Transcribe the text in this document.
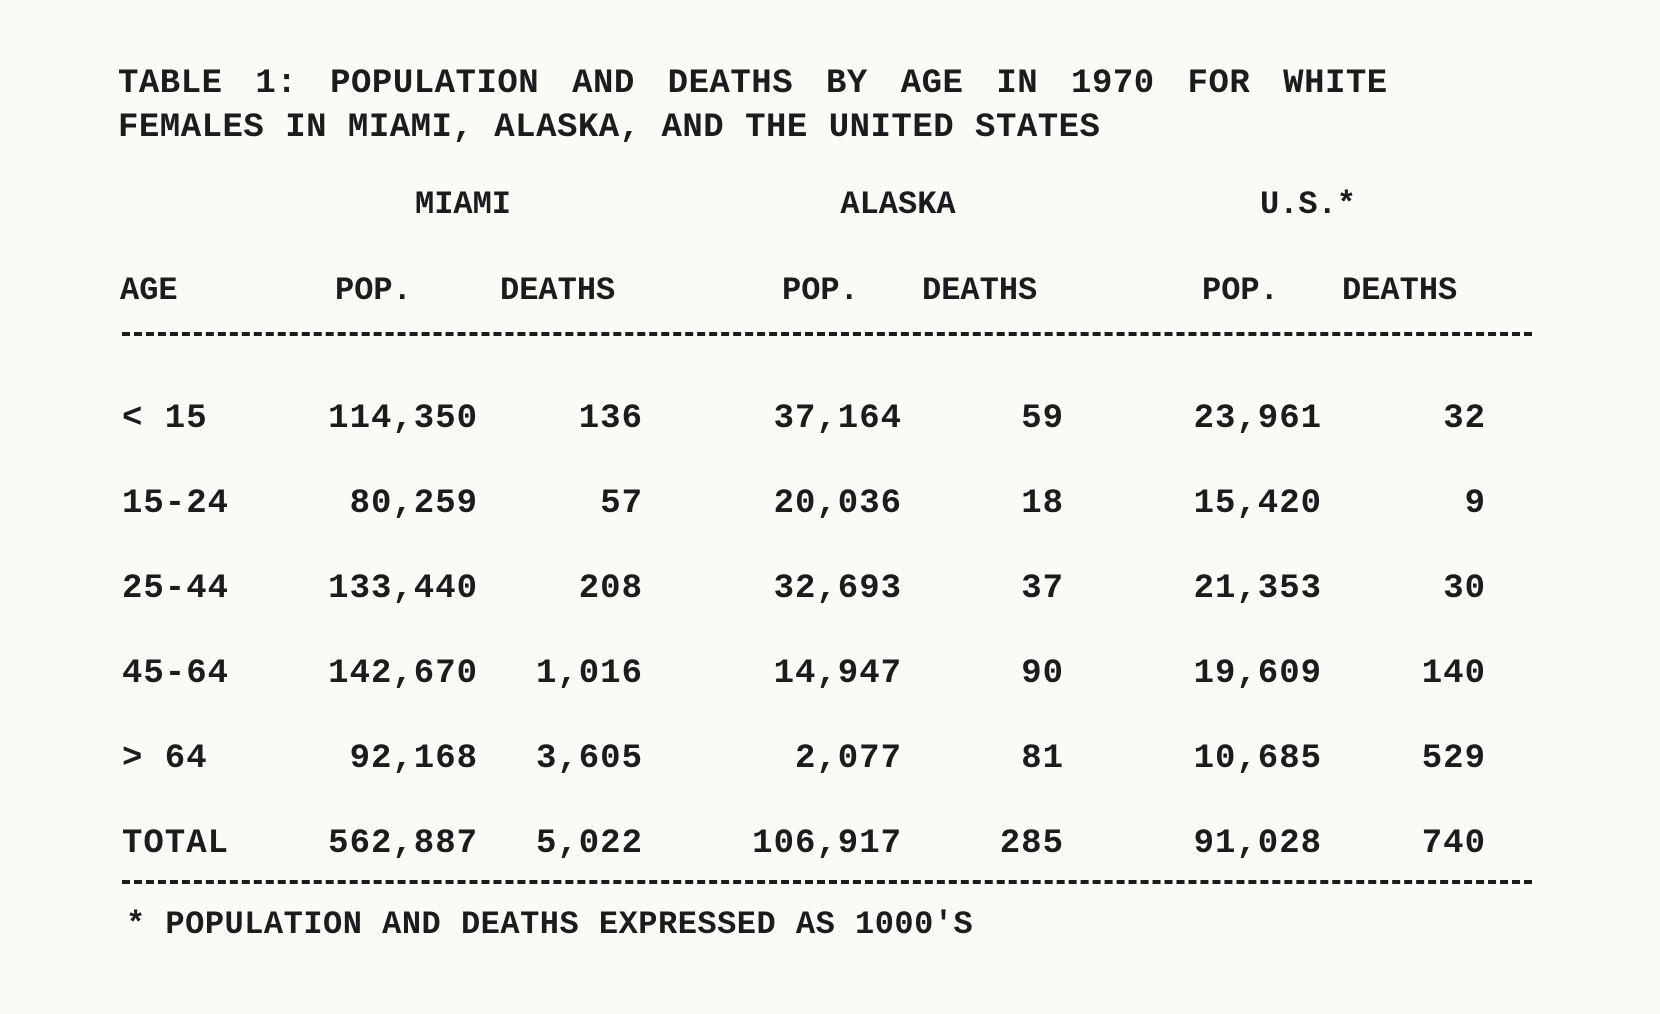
TABLE 1: POPULATION AND DEATHS BY AGE IN 1970 FOR WHITE
FEMALES IN MIAMI, ALASKA, AND THE UNITED STATES
MIAMI	ALASKA	U.S.*
AGE	POP.	DEATHS	POP. DEATHS	POP. DEATHS
< 15	114,350	136	37,164	59	23,961	32
15-24	80,259	57	20,036	18	15,420	9
25-44	133,440	208	32,693	37	21,353	30
45-64	142,670 1,016	14,947	90	19,609	140
> 64	92,168 3,605	2,077	81	10,685	529
TOTAL	562,887 5,022	106,917	285	91,028	740
* POPULATION AND DEATHS EXPRESSED AS 1000'S
